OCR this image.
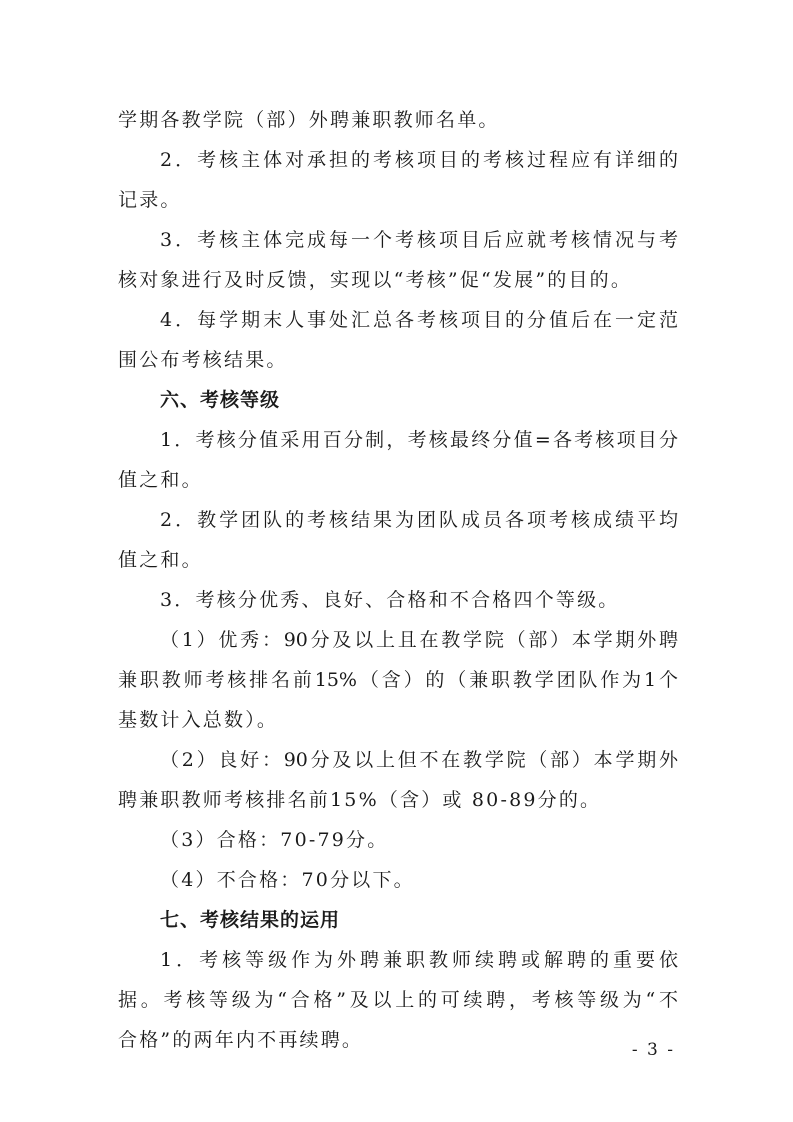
学期各教学院（部）外聘兼职教师名单。
2．考核主体对承担的考核项目的考核过程应有详细的
记录。
3．考核主体完成每一个考核项目后应就考核情况与考
核对象进行及时反馈，实现以“考核”促“发展”的目的。
4．每学期末人事处汇总各考核项目的分值后在一定范
围公布考核结果。
六、考核等级
1．考核分值采用百分制，考核最终分值=各考核项目分
值之和。
2．教学团队的考核结果为团队成员各项考核成绩平均
值之和。
3．考核分优秀、良好、合格和不合格四个等级。
（1）优秀：90分及以上且在教学院（部）本学期外聘
兼职教师考核排名前15%（含）的（兼职教学团队作为1个
基数计入总数）。
（2）良好：90分及以上但不在教学院（部）本学期外
聘兼职教师考核排名前15%（含）或 80-89分的。
（3）合格：70-79分。
（4）不合格：70分以下。
七、考核结果的运用
1．考核等级作为外聘兼职教师续聘或解聘的重要依
据。考核等级为“合格”及以上的可续聘，考核等级为“不
合格”的两年内不再续聘。	- 3 -
